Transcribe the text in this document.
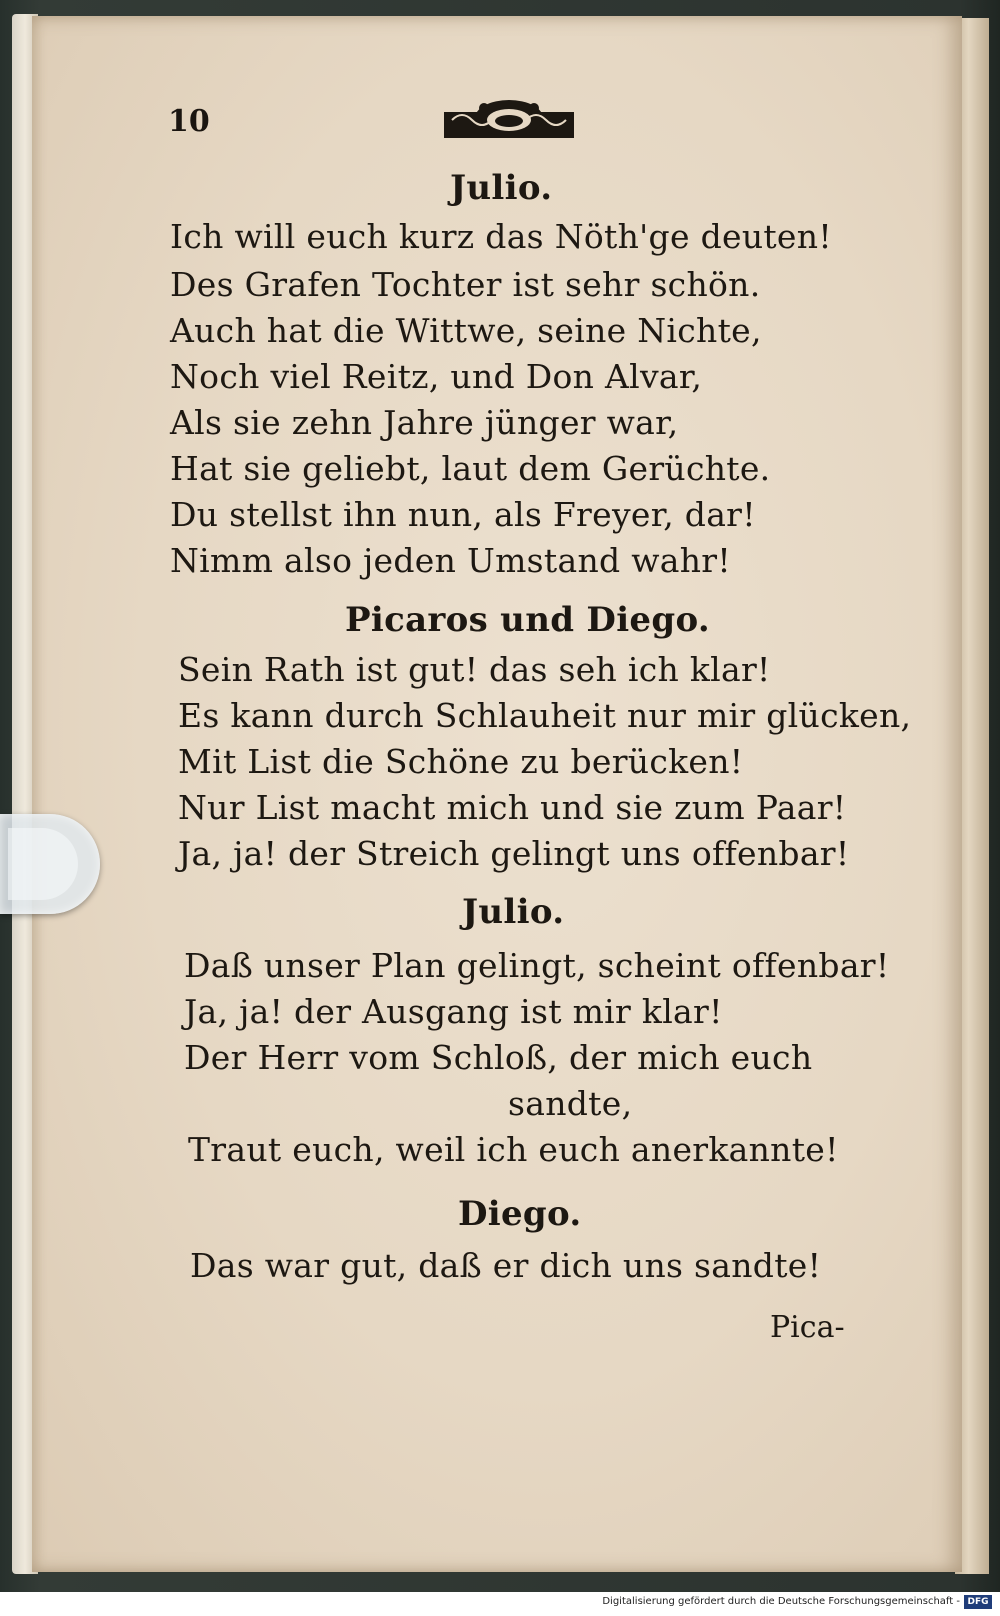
10
Julio.
Ich will euch kurz das Nöth'ge deuten!
Des Grafen Tochter ist sehr schön.
Auch hat die Wittwe, seine Nichte,
Noch viel Reitz, und Don Alvar,
Als sie zehn Jahre jünger war,
Hat sie geliebt, laut dem Gerüchte.
Du stellst ihn nun, als Freyer, dar!
Nimm also jeden Umstand wahr!
Picaros und Diego.
Sein Rath ist gut! das seh ich klar!
Es kann durch Schlauheit nur mir glücken,
Mit List die Schöne zu berücken!
Nur List macht mich und sie zum Paar!
Ja, ja! der Streich gelingt uns offenbar!
Julio.
Daß unser Plan gelingt, scheint offenbar!
Ja, ja! der Ausgang ist mir klar!
Der Herr vom Schloß, der mich euch
sandte,
Traut euch, weil ich euch anerkannte!
Diego.
Das war gut, daß er dich uns sandte!
Pica-
Digitalisierung gefördert durch die Deutsche Forschungsgemeinschaft - DFG
